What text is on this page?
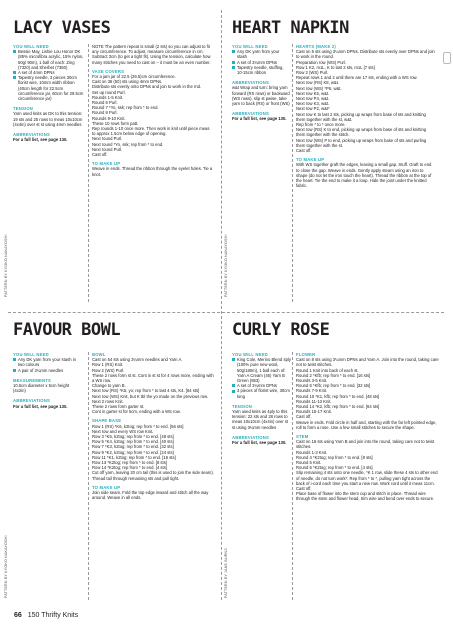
LACY VASES
YOU WILL NEED
Bessie May, Lishie Lou Honor DK (85% microfibra acrylic, 15% nylon, 50g/ 90m), 1 ball of each: Zing (7320) and Sherbet (7350)
A set of 4mm DPNs
Tapestry needle, 3 pieces 30cm florist wire, 10mm width ribbon (40cm length for 22.5cm circumference jar, 60cm for 29.5cm circumference jar)
TENSION
Yarn used knits as DK to this tension: 19 sts and 25 rows to meas 10x10cm (4x4in) over st st using 4mm needles
ABBREVIATIONS
For a full list, see page 130.
PATTERN BY KYOKO NAKAYOSHI
NOTE The pattern repeat is small (2 sts) so you can adjust to fit any circumference. To adjust, measure circumference in cm. Subtract 3cm (to get a tight fit). Using the tension, calculate how many stitches you need to cast on – it must be an even number.
VASE COVERS
For a jam jar of 22.5 (29.5)cm circumference.
Cast on 36 (50) sts using 4mm DPNs.
Distribute sts evenly onto DPNs and join to work in the rnd.
Set up round Purl.
Rounds 1-5 Knit.
Round 6 Purl.
Round 7 *Yo, ssk; rep from * to end.
Round 8 Purl.
Rounds 9-10 Knit.
These 10 rows form patt.
Rep rounds 1-10 once more. Then work in knit until piece meas to approx 1.5cm below edge of opening.
Next round Purl.
Next round *Yo, ssk; rep from * to end.
Next round Purl.
Cast off.
TO MAKE UP
Weave in ends. Thread the ribbon through the eyelet holes. Tie a knot.
HEART NAPKIN
YOU WILL NEED
Any DK yarn from your stash
A set of 3¼mm DPNs
Tapestry needle, stuffing, 10-15cm ribbon
ABBREVIATIONS
w&t Wrap and turn: bring yarn forward (RS rows) or backward (WS rows), slip st pwise, take yarn to back (RS) or front (WS)
ABBREVIATIONS
For a full list, see page 130.
PATTERN BY KYOKO NAKAYOSHI
HEARTS (MAKE 2)
Cast on 5 sts using 3¼mm DPNs. Distribute sts evenly over DPNs and join to work in the round.
Preparation row (WS) Purl.
Row 1 K2, m1L, K to last 2 sts, m1L [7 sts]
Row 2 (WS) Purl.
Repeat rows 1 and 2 until there are 17 sts, ending with a WS row.
Next row (RS) K8, w&t.
Next row (WS) *P6, w&t.
Next row K5, w&t.
Next row P4, w&t.
Next row K3, w&t.
Next row P2, w&t*
Next row K to last 2 sts, picking up wraps from base of sts and knitting them together with the st, w&t.
Rep from * to * once more.
Next row (RS) K to end, picking up wraps from base of sts and knitting them together with the stitch.
Next row (WS) P to end, picking up wraps from base of sts and purling them together with the st.
Cast off.
TO MAKE UP
With WS together graft the edges, leaving a small gap. Stuff. Graft to end to close the gap. Weave in ends. Gently apply steam using an iron to shape (do not let the iron touch the heart). Thread the ribbon at the top of the heart. Tie the end to make it a loop. Hide the joint under the knitted fabric.
FAVOUR BOWL
YOU WILL NEED
Any DK yarn from your stash in two colours
A pair of 3¼mm needles
MEASUREMENTS
10.5cm diameter x 5cm height (4x2in)
ABBREVIATIONS
For a full list, see page 130.
PATTERN BY KYOKO NAKAYOSHI
BOWL
Cast on 54 sts using 3¼mm needles and Yarn A.
Row 1 (RS) Knit.
Row 2 (WS) Purl.
These 2 rows form st st. Cont in st st for 4 rows more, ending with a WS row.
Change to yarn B.
Next row (RS) *K5, yo; rep from * to last 4 sts, K4. [64 sts]
Next row (WS) Knit, but K tbl the yo made on the previous row.
Next 2 rows Knit.
These 2 rows form garter st.
Cont in garter st for 5cm, ending with a WS row.
SHAPE BASE
Row 1 (RS) *K6, k2tog; rep from * to end. [56 sts]
Next row and every WS row Knit.
Row 3 *K5, k2tog; rep from * to end. [48 sts]
Row 5 *K4, k2tog; rep from * to end. [40 sts]
Row 7 *K3, k2tog; rep from * to end. [32 sts]
Row 9 *K2, k2tog; rep from * to end. [24 sts]
Row 11 *K1, k2tog; rep from * to end. [16 sts]
Row 13 *K2tog; rep from * to end. [8 sts]
Row 14 *K2tog; rep from * to end. [4 sts]
Cut off yarn, leaving 20 cm tail (this is used to join the side seam). Thread tail through remaining sts and pull tight.
TO MAKE UP
Join side seam. Fold the top edge inward and stitch all the way around. Weave in all ends.
CURLY ROSE
YOU WILL NEED
King Cole, Merino Blend 4ply (100% pure new wool, 50g/180m), 1 ball each of: Yarn A Cream (46) Yarn B Green (853)
A set of 3¼mm DPNs
3 pieces of florist wire, 30cm long
TENSION
Yarn used knits as 4ply to this tension: 22 sts and 28 rows to meas 10x10cm (4x4in) over st st using 3¼mm needles
ABBREVIATIONS
For a full list, see page 130.
PATTERN BY JANE BURNS
FLOWER
Cast on 8 sts using 3¼mm DPNs and Yarn A. Join into the round, taking care not to twist stitches.
Round 1 Knit into back of each st.
Round 2 *Kfb; rep from * to end. [16 sts]
Rounds 3-5 Knit.
Round 6 *Kfb; rep from * to end. [32 sts]
Rounds 7-9 Knit.
Round 10 *K1, kfb; rep from * to end. [48 sts]
Rounds 11-13 Knit.
Round 14 *K2, kfb; rep from * to end. [64 sts]
Rounds 15-17 Knit.
Cast off.
Weave in ends. Fold circle in half and, starting with the far left pointed edge, roll to form a rose. Use a few small stitches to secure the shape.
STEM
Cast on 16 sts using Yarn B and join into the round, taking care not to twist stitches.
Rounds 1-3 Knit.
Round 4 *K2tog; rep from * to end. [8 sts]
Round 5 Knit.
Round 6 *K2tog; rep from * to end. [4 sts]
Slip remaining 4 sts onto one needle, *K 1 row, slide these 4 sts to other end of needle, do not turn work*. Rep from * to *, pulling yarn tight across the back of i-cord each time you start a new row. Work cord until it meas 11cm.
Cast off.
Place base of flower into the stem cup and stitch in place. Thread wire through the stem and flower head, trim wire and bend over ends to secure.
66 150 Thrifty Knits
